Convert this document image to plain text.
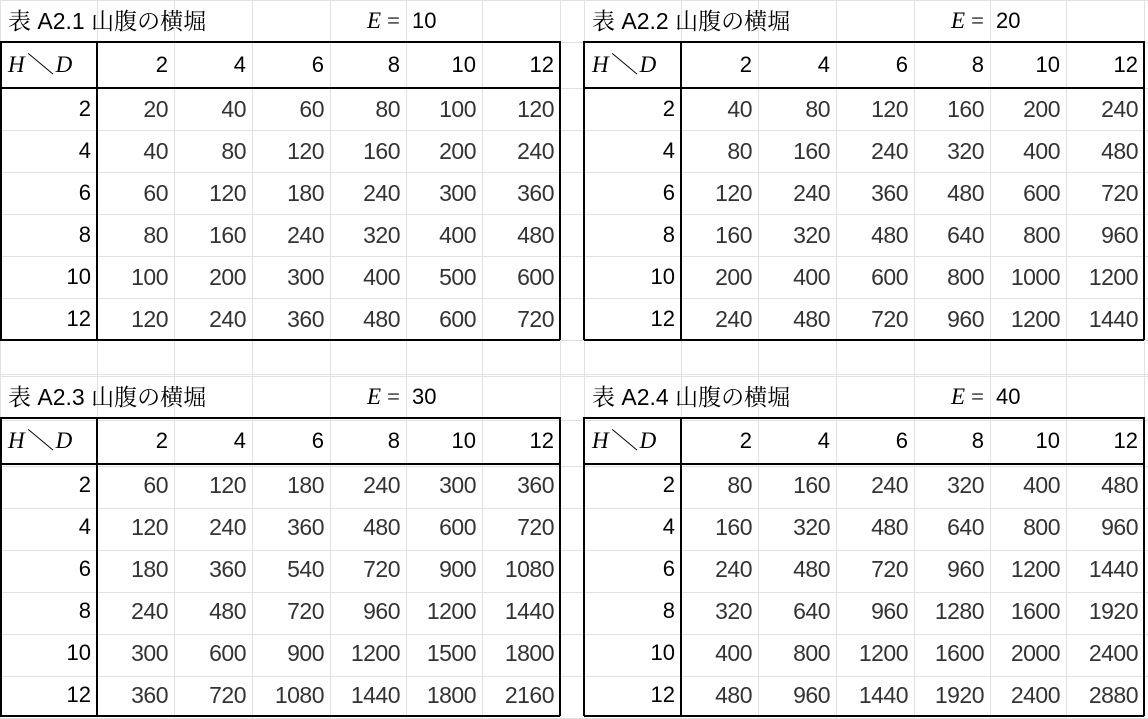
表 A2.1 山腹の横堀	E = 10
H＼D	2	4	6	8	10	12
2	20	40	60	80	100	120
4	40	80	120	160	200	240
6	60	120	180	240	300	360
8	80	160	240	320	400	480
10	100	200	300	400	500	600
12	120	240	360	480	600	720
表 A2.2 山腹の横堀	E = 20
H＼D	2	4	6	8	10	12
2	40	80	120	160	200	240
4	80	160	240	320	400	480
6	120	240	360	480	600	720
8	160	320	480	640	800	960
10	200	400	600	800	1000	1200
12	240	480	720	960	1200	1440
表 A2.3 山腹の横堀	E = 30
H＼D	2	4	6	8	10	12
2	60	120	180	240	300	360
4	120	240	360	480	600	720
6	180	360	540	720	900	1080
8	240	480	720	960	1200	1440
10	300	600	900	1200	1500	1800
12	360	720	1080	1440	1800	2160
表 A2.4 山腹の横堀	E = 40
H＼D	2	4	6	8	10	12
2	80	160	240	320	400	480
4	160	320	480	640	800	960
6	240	480	720	960	1200	1440
8	320	640	960	1280	1600	1920
10	400	800	1200	1600	2000	2400
12	480	960	1440	1920	2400	2880
